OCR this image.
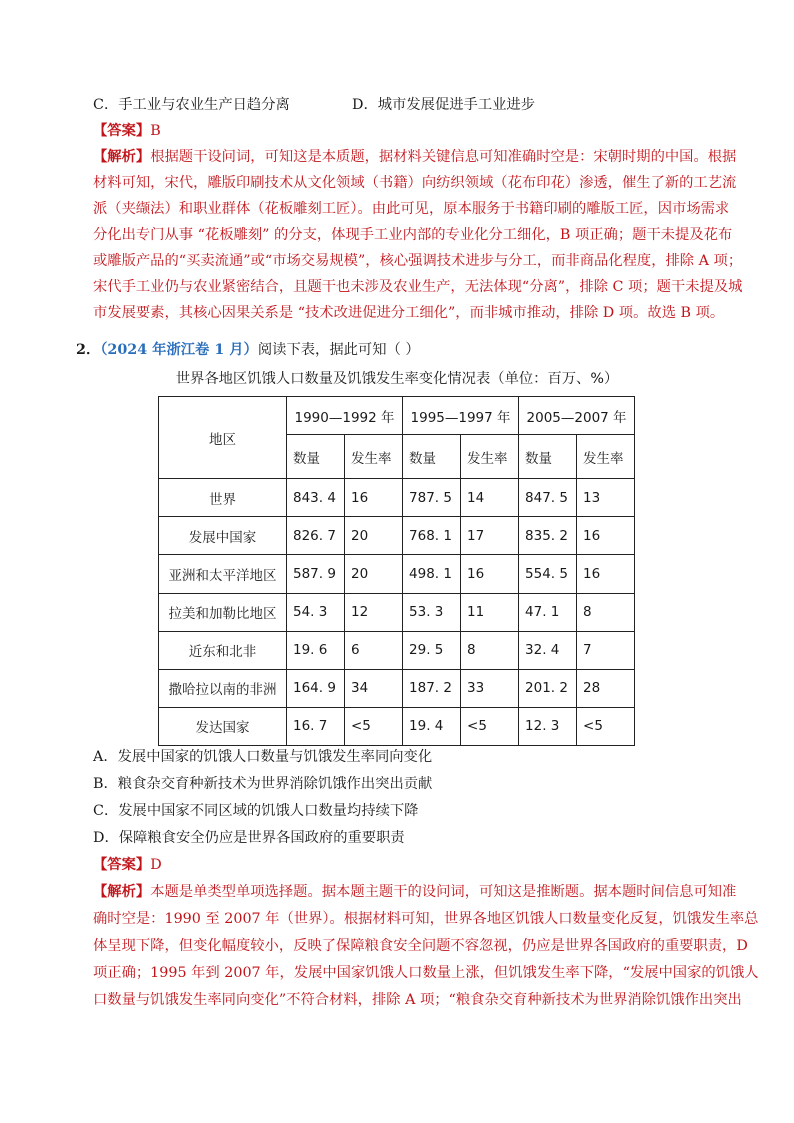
C．手工业与农业生产日趋分离	D．城市发展促进手工业进步
【答案】B
【解析】根据题干设问词，可知这是本质题，据材料关键信息可知准确时空是：宋朝时期的中国。根据
材料可知，宋代，雕版印刷技术从文化领域（书籍）向纺织领域（花布印花）渗透，催生了新的工艺流
派（夹缬法）和职业群体（花板雕刻工匠）。由此可见，原本服务于书籍印刷的雕版工匠，因市场需求
分化出专门从事 “花板雕刻” 的分支，体现手工业内部的专业化分工细化，B 项正确；题干未提及花布
或雕版产品的“买卖流通”或“市场交易规模”，核心强调技术进步与分工，而非商品化程度，排除 A 项；
宋代手工业仍与农业紧密结合，且题干也未涉及农业生产，无法体现“分离”，排除 C 项；题干未提及城
市发展要素，其核心因果关系是 “技术改进促进分工细化”，而非城市推动，排除 D 项。故选 B 项。
2．（2024 年浙江卷 1 月）阅读下表，据此可知（ ）
世界各地区饥饿人口数量及饥饿发生率变化情况表（单位：百万、%）
地区	1990—1992 年		1995—1997 年		2005—2007 年	
	数量	发生率	数量	发生率	数量	发生率
世界	843. 4	16	787. 5	14	847. 5	13
发展中国家	826. 7	20	768. 1	17	835. 2	16
亚洲和太平洋地区	587. 9	20	498. 1	16	554. 5	16
拉美和加勒比地区	54. 3	12	53. 3	11	47. 1	8
近东和北非	19. 6	6	29. 5	8	32. 4	7
撒哈拉以南的非洲	164. 9	34	187. 2	33	201. 2	28
发达国家	16. 7	<5	19. 4	<5	12. 3	<5
A．发展中国家的饥饿人口数量与饥饿发生率同向变化
B．粮食杂交育种新技术为世界消除饥饿作出突出贡献
C．发展中国家不同区域的饥饿人口数量均持续下降
D．保障粮食安全仍应是世界各国政府的重要职责
【答案】D
【解析】本题是单类型单项选择题。据本题主题干的设问词，可知这是推断题。据本题时间信息可知准
确时空是：1990 至 2007 年（世界）。根据材料可知，世界各地区饥饿人口数量变化反复，饥饿发生率总
体呈现下降，但变化幅度较小，反映了保障粮食安全问题不容忽视，仍应是世界各国政府的重要职责，D
项正确；1995 年到 2007 年，发展中国家饥饿人口数量上涨，但饥饿发生率下降，“发展中国家的饥饿人
口数量与饥饿发生率同向变化”不符合材料，排除 A 项；“粮食杂交育种新技术为世界消除饥饿作出突出
